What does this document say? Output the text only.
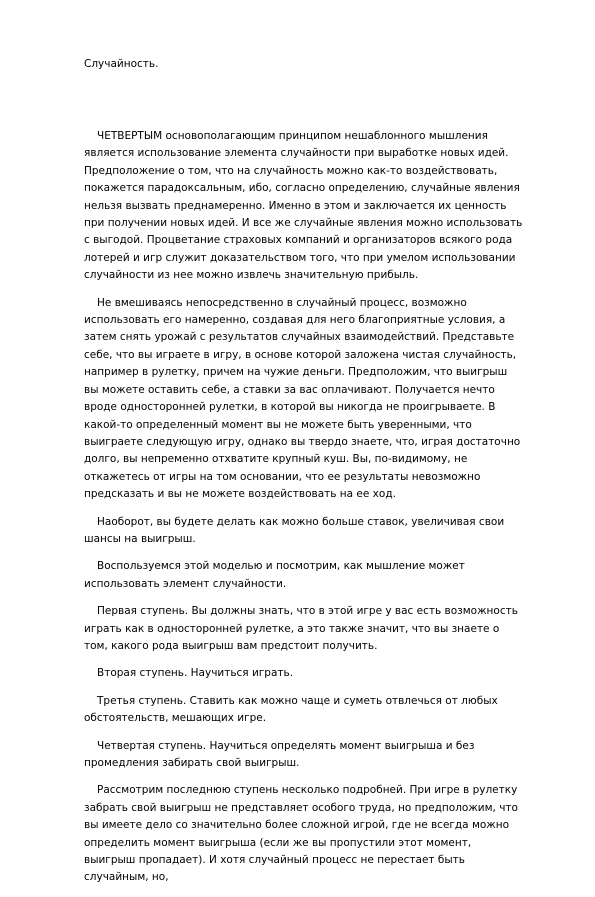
Случайность.

ЧЕТВЕРТЫМ основополагающим принципом нешаблонного мышления является использование элемента случайности при выработке новых идей. Предположение о том, что на случайность можно как-то воздействовать, покажется парадоксальным, ибо, согласно определению, случайные явления нельзя вызвать преднамеренно. Именно в этом и заключается их ценность при получении новых идей. И все же случайные явления можно использовать с выгодой. Процветание страховых компаний и организаторов всякого рода лотерей и игр служит доказательством того, что при умелом использовании случайности из нее можно извлечь значительную прибыль.

Не вмешиваясь непосредственно в случайный процесс, возможно использовать его намеренно, создавая для него благоприятные условия, а затем снять урожай с результатов случайных взаимодействий. Представьте себе, что вы играете в игру, в основе которой заложена чистая случайность, например в рулетку, причем на чужие деньги. Предположим, что выигрыш вы можете оставить себе, а ставки за вас оплачивают. Получается нечто вроде односторонней рулетки, в которой вы никогда не проигрываете. В какой-то определенный момент вы не можете быть уверенными, что выиграете следующую игру, однако вы твердо знаете, что, играя достаточно долго, вы непременно отхватите крупный куш. Вы, по-видимому, не откажетесь от игры на том основании, что ее результаты невозможно предсказать и вы не можете воздействовать на ее ход.

Наоборот, вы будете делать как можно больше ставок, увеличивая свои шансы на выигрыш.

Воспользуемся этой моделью и посмотрим, как мышление может использовать элемент случайности.

Первая ступень. Вы должны знать, что в этой игре у вас есть возможность играть как в односторонней рулетке, а это также значит, что вы знаете о том, какого рода выигрыш вам предстоит получить.

Вторая ступень. Научиться играть.

Третья ступень. Ставить как можно чаще и суметь отвлечься от любых обстоятельств, мешающих игре.

Четвертая ступень. Научиться определять момент выигрыша и без промедления забирать свой выигрыш.

Рассмотрим последнюю ступень несколько подробней. При игре в рулетку забрать свой выигрыш не представляет особого труда, но предположим, что вы имеете дело со значительно более сложной игрой, где не всегда можно определить момент выигрыша (если же вы пропустили этот момент, выигрыш пропадает). И хотя случайный процесс не перестает быть случайным, но,
